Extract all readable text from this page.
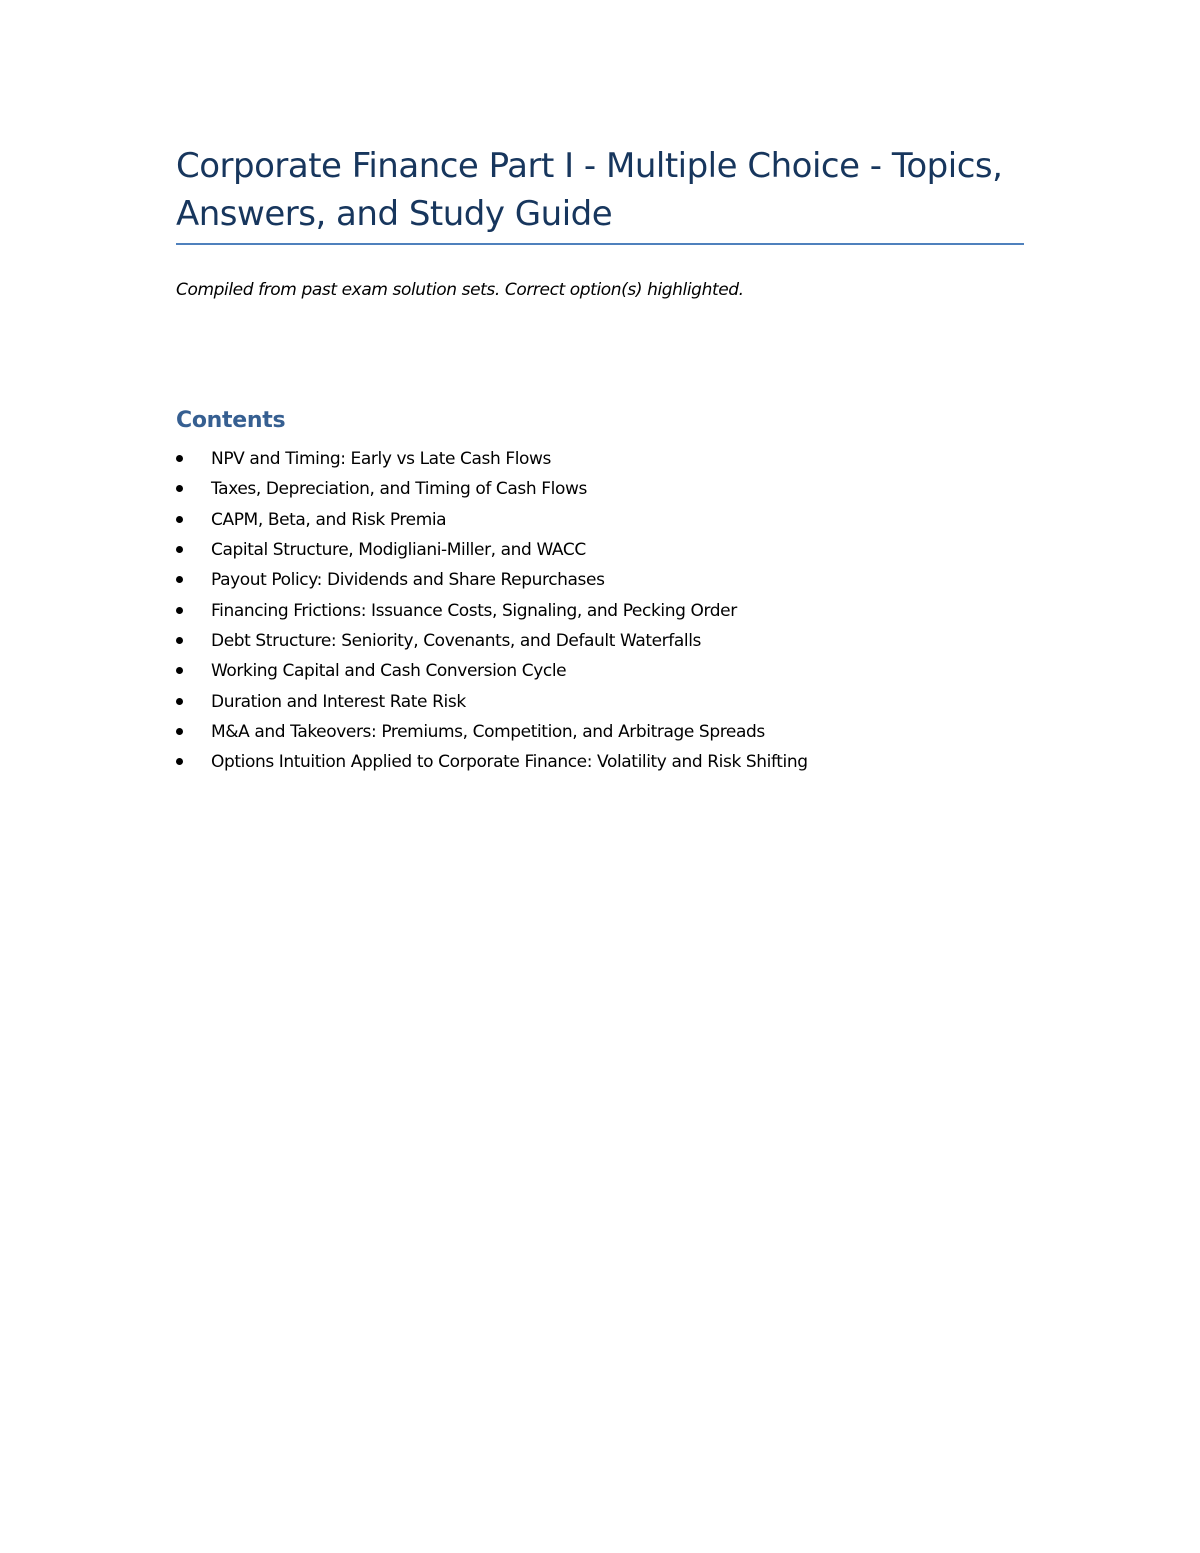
Corporate Finance Part I - Multiple Choice - Topics, Answers, and Study Guide

Compiled from past exam solution sets. Correct option(s) highlighted.

Contents
NPV and Timing: Early vs Late Cash Flows
Taxes, Depreciation, and Timing of Cash Flows
CAPM, Beta, and Risk Premia
Capital Structure, Modigliani-Miller, and WACC
Payout Policy: Dividends and Share Repurchases
Financing Frictions: Issuance Costs, Signaling, and Pecking Order
Debt Structure: Seniority, Covenants, and Default Waterfalls
Working Capital and Cash Conversion Cycle
Duration and Interest Rate Risk
M&A and Takeovers: Premiums, Competition, and Arbitrage Spreads
Options Intuition Applied to Corporate Finance: Volatility and Risk Shifting
